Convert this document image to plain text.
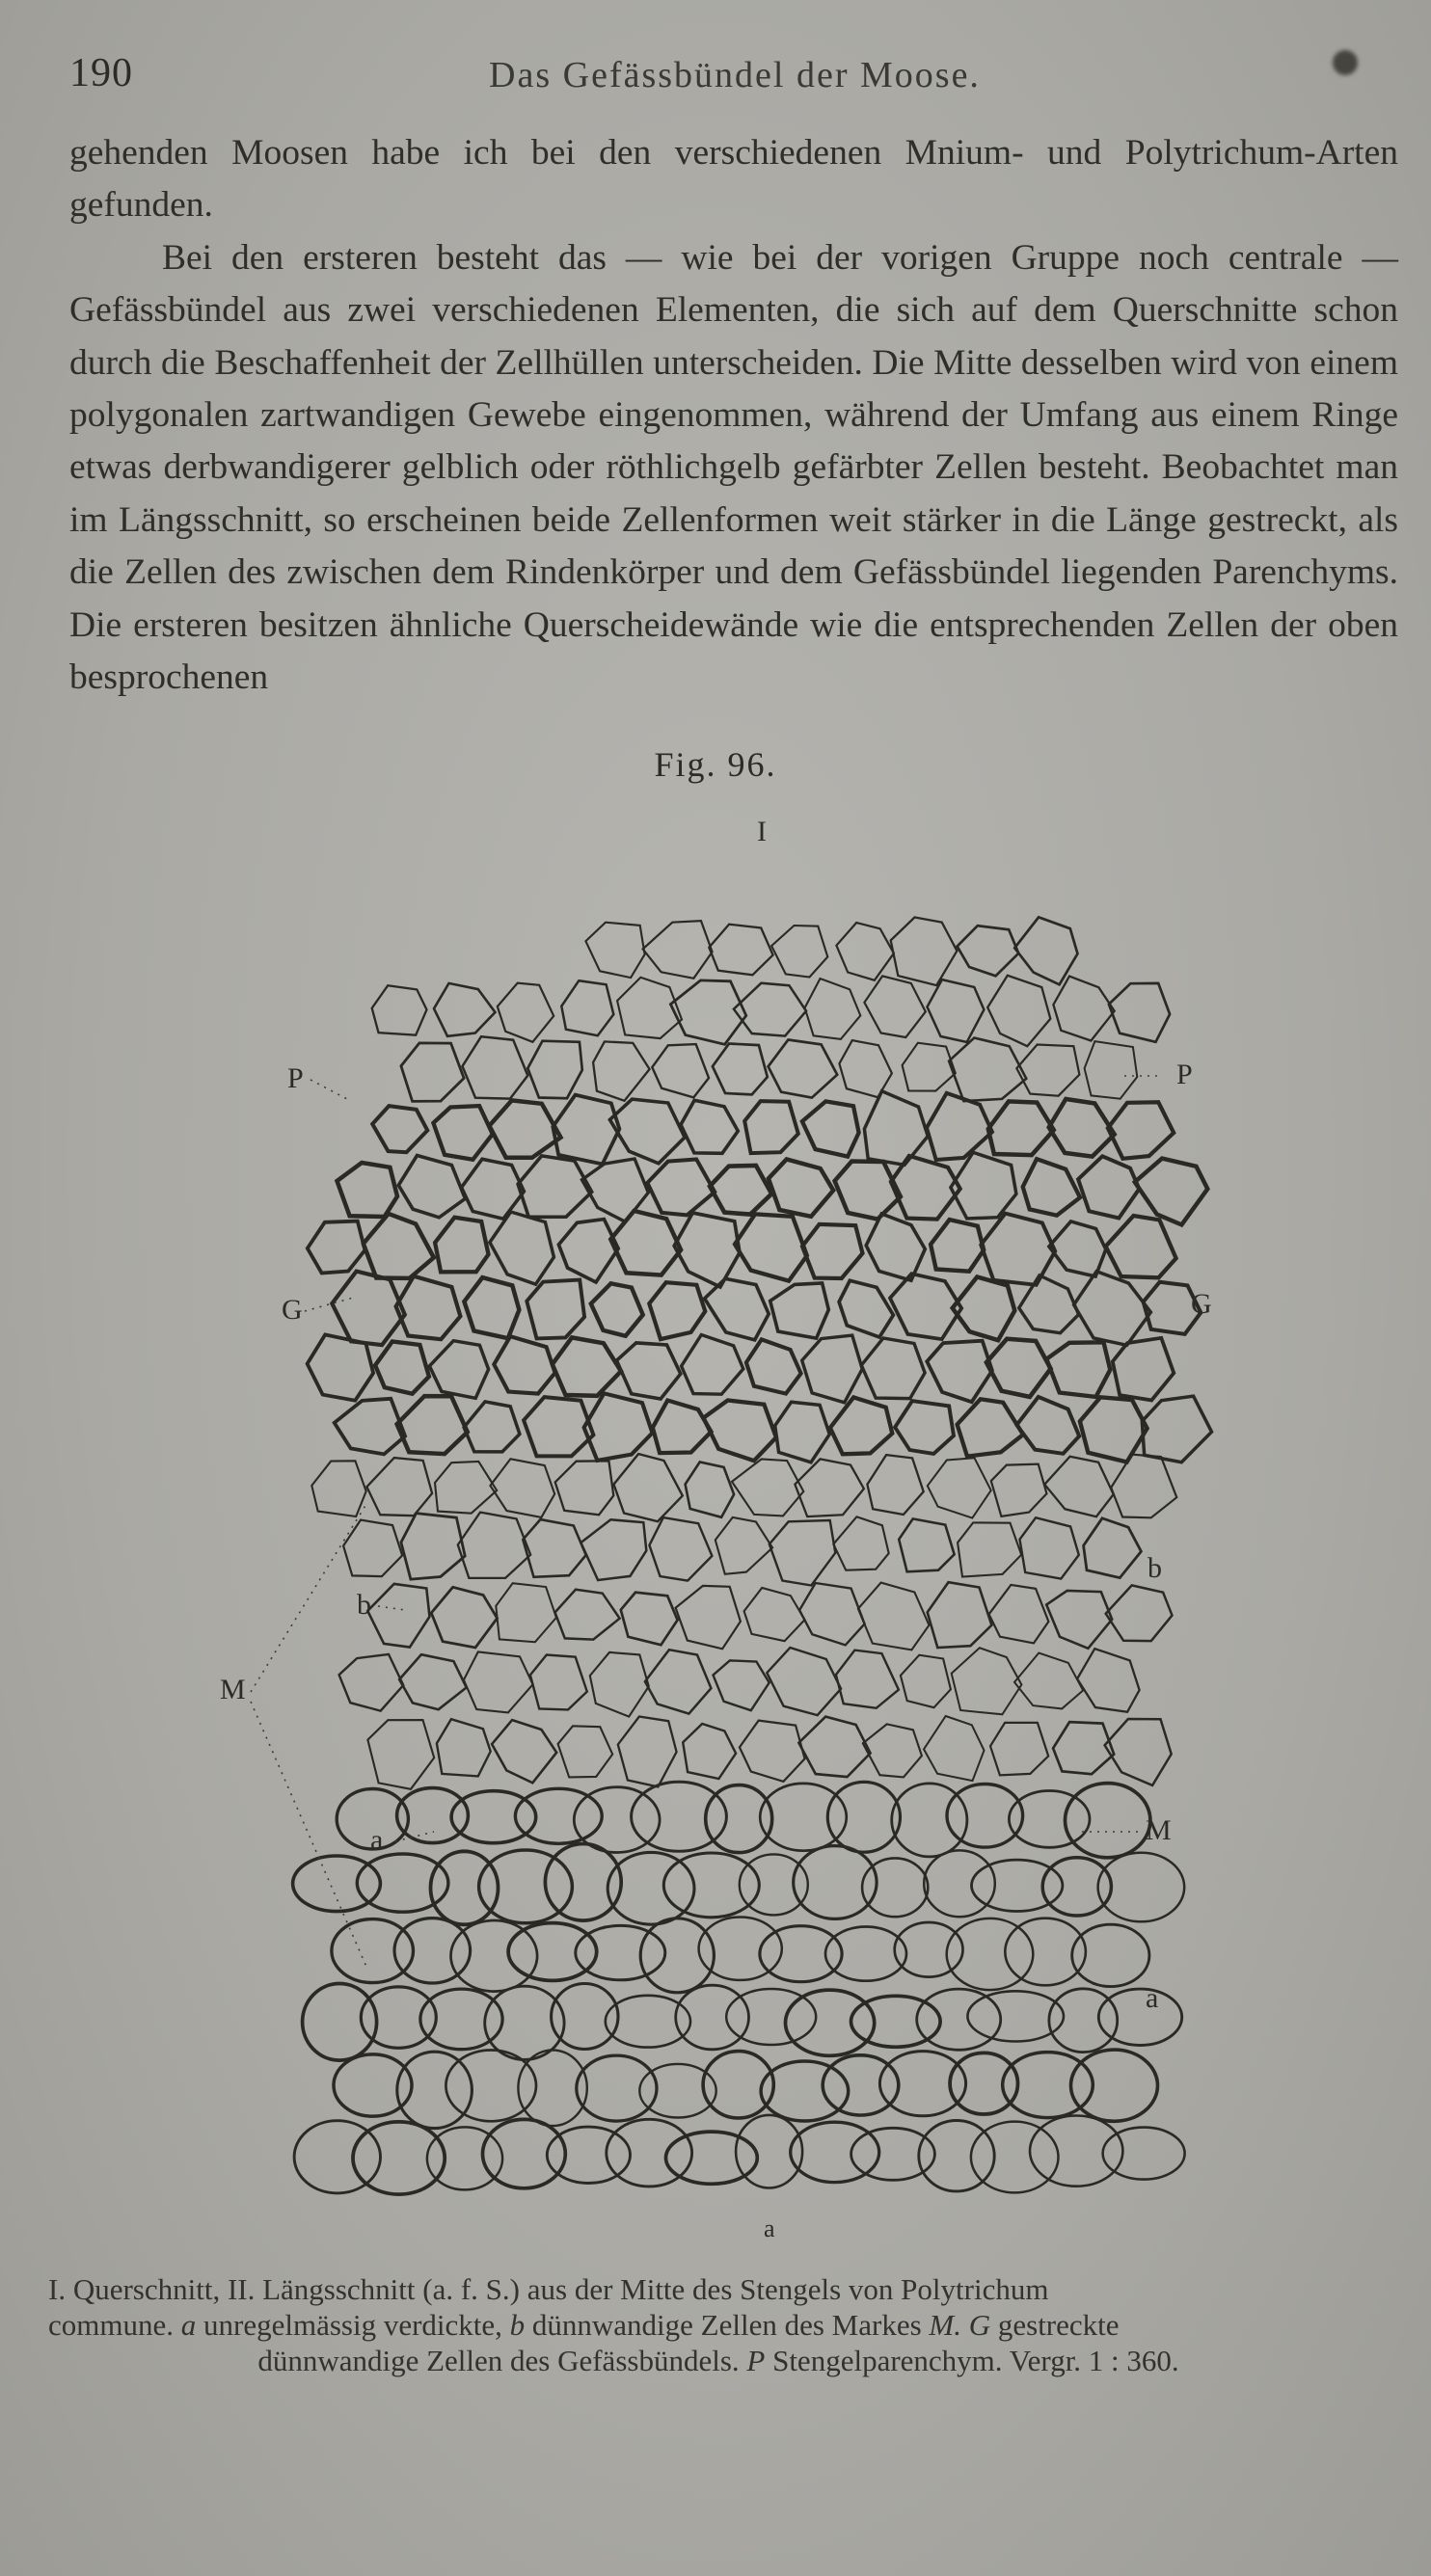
190	Das Gefässbündel der Moose.

gehenden Moosen habe ich bei den verschiedenen Mnium- und Polytrichum-Arten gefunden.

Bei den ersteren besteht das — wie bei der vorigen Gruppe noch centrale — Gefässbündel aus zwei verschiedenen Elementen, die sich auf dem Querschnitte schon durch die Beschaffenheit der Zellhüllen unterscheiden. Die Mitte desselben wird von einem polygonalen zartwandigen Gewebe eingenommen, während der Umfang aus einem Ringe etwas derbwandigerer gelblich oder röthlichgelb gefärbter Zellen besteht. Beobachtet man im Längsschnitt, so erscheinen beide Zellenformen weit stärker in die Länge gestreckt, als die Zellen des zwischen dem Rindenkörper und dem Gefässbündel liegenden Parenchyms. Die ersteren besitzen ähnliche Querscheidewände wie die entsprechenden Zellen der oben besprochenen

Fig. 96.
I
P	P
G	G
b
b
M
M
a
a
a

I. Querschnitt, II. Längsschnitt (a. f. S.) aus der Mitte des Stengels von Polytrichum

commune. a unregelmässig verdickte, b dünnwandige Zellen des Markes M. G gestreckte

dünnwandige Zellen des Gefässbündels. P Stengelparenchym. Vergr. 1 : 360.
